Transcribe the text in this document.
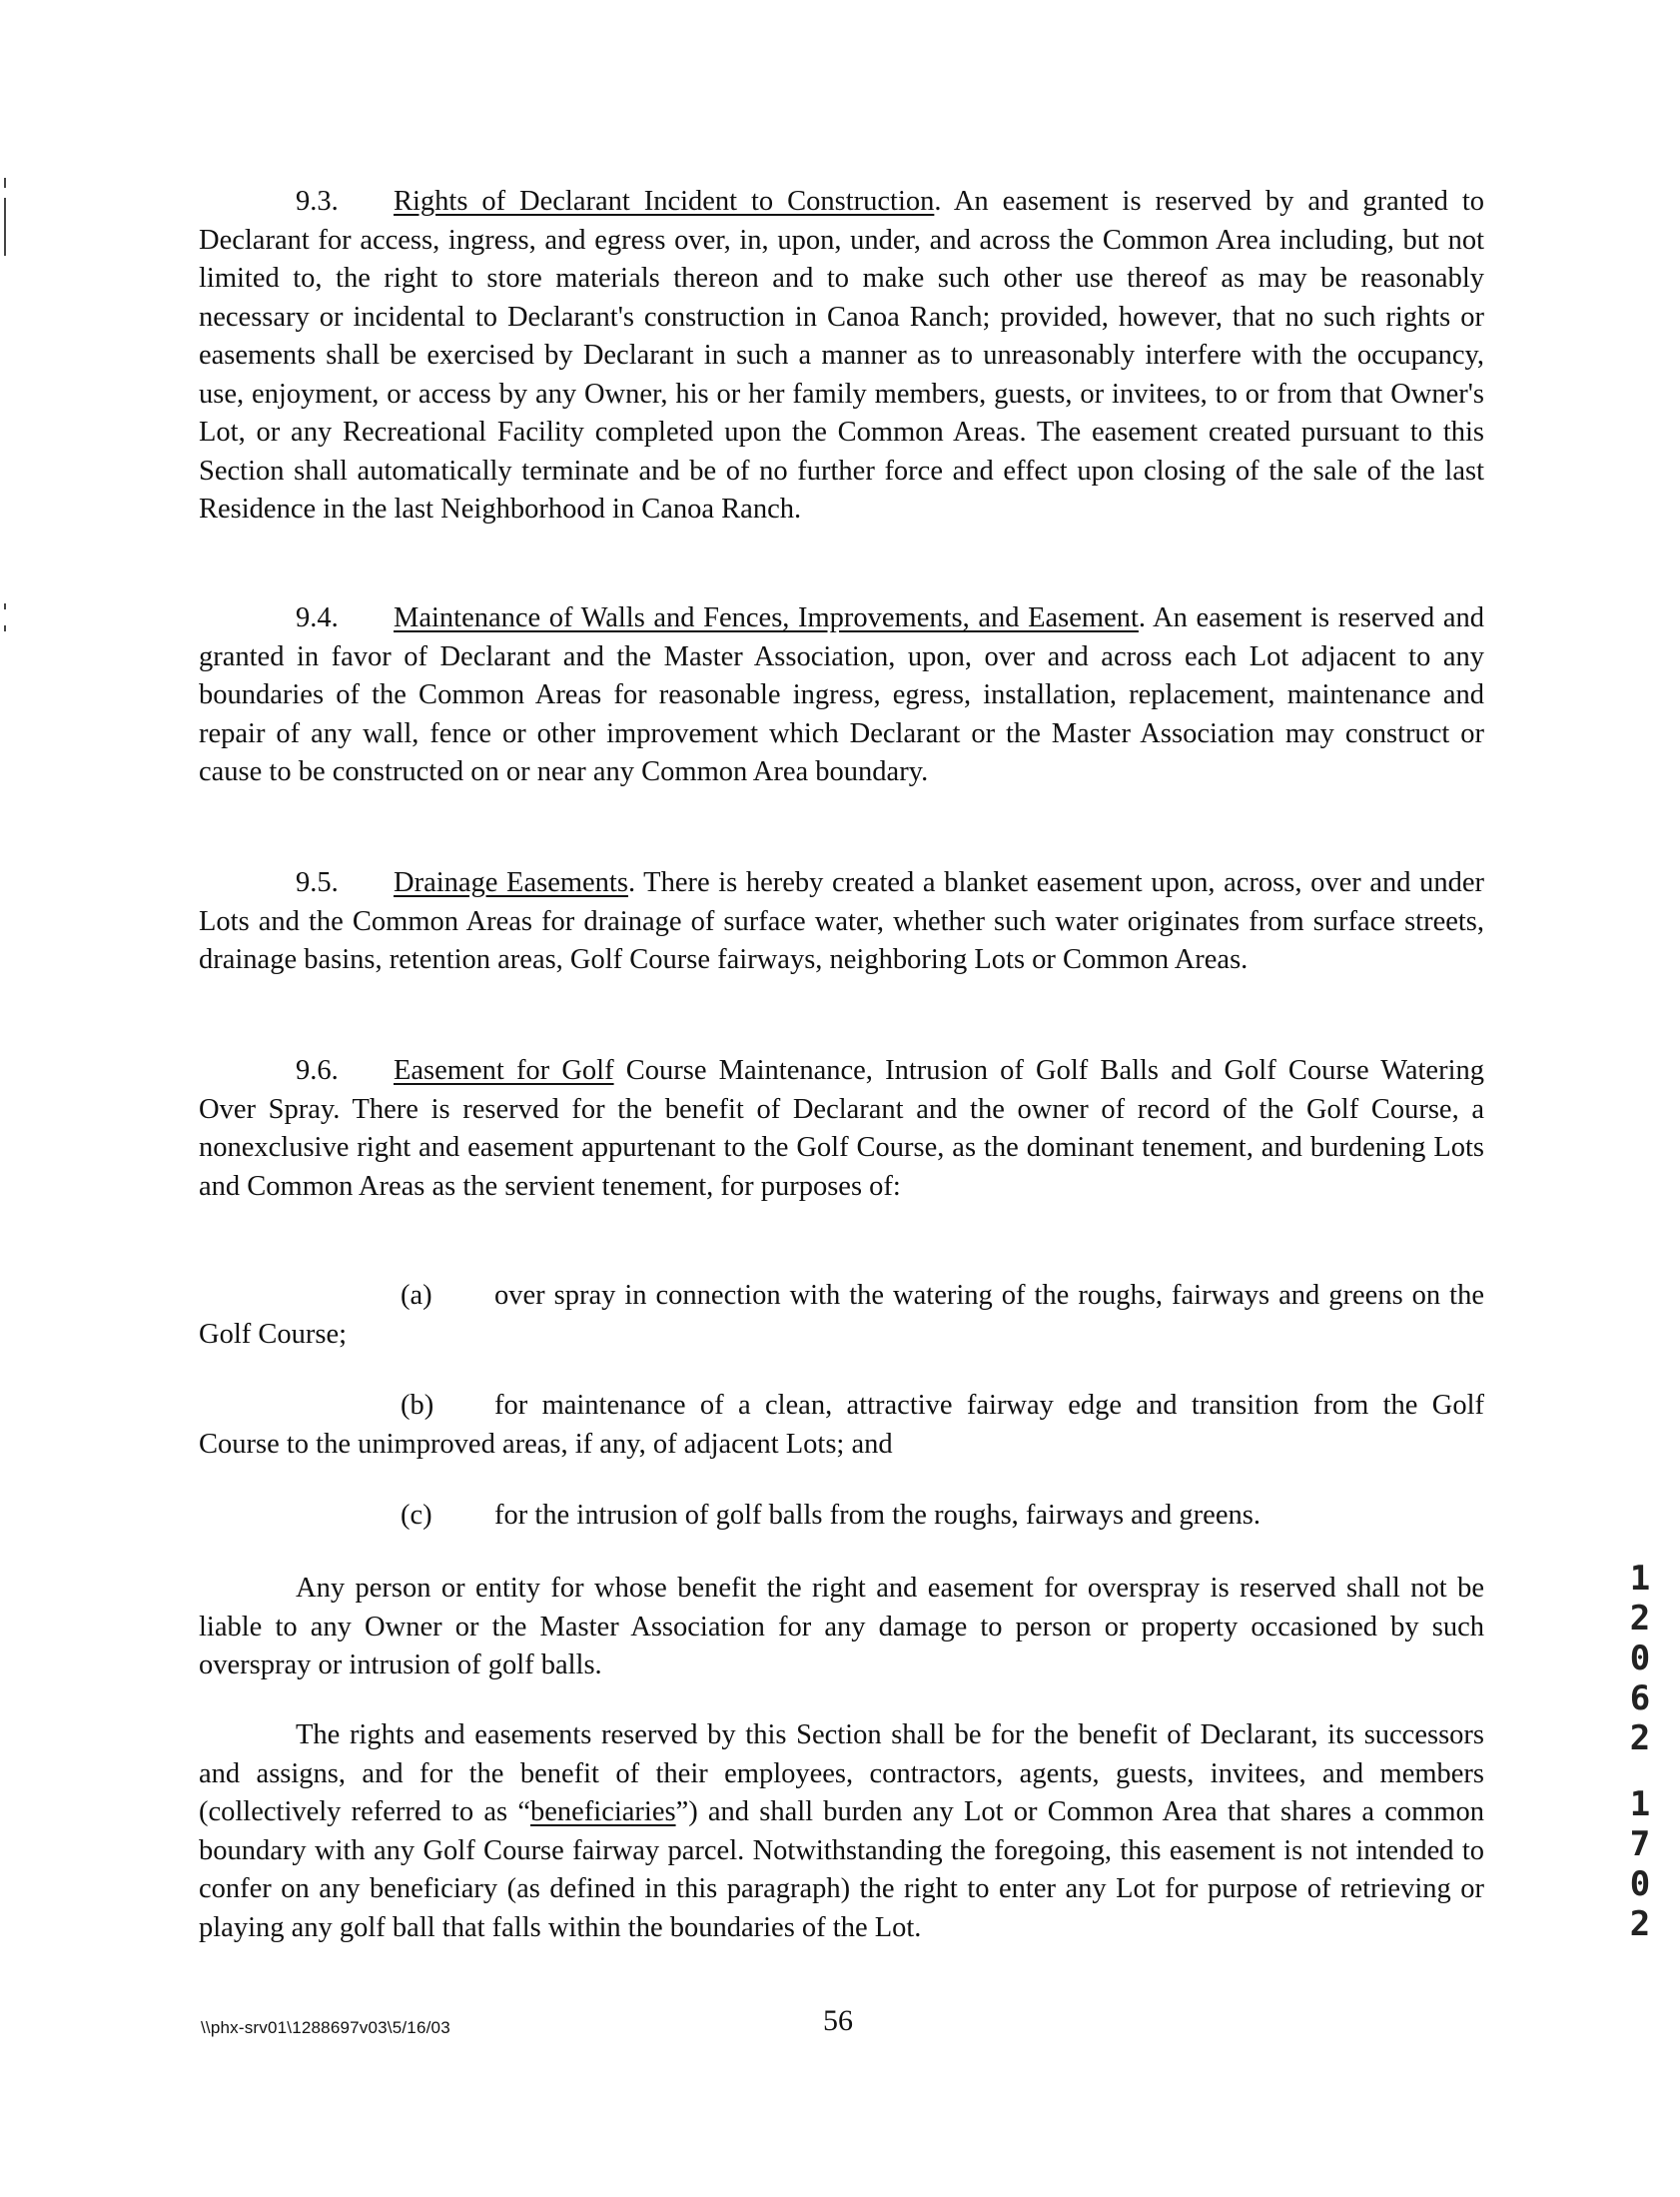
9.3. Rights of Declarant Incident to Construction. An easement is reserved by and granted to Declarant for access, ingress, and egress over, in, upon, under, and across the Common Area including, but not limited to, the right to store materials thereon and to make such other use thereof as may be reasonably necessary or incidental to Declarant's construction in Canoa Ranch; provided, however, that no such rights or easements shall be exercised by Declarant in such a manner as to unreasonably interfere with the occupancy, use, enjoyment, or access by any Owner, his or her family members, guests, or invitees, to or from that Owner's Lot, or any Recreational Facility completed upon the Common Areas. The easement created pursuant to this Section shall automatically terminate and be of no further force and effect upon closing of the sale of the last Residence in the last Neighborhood in Canoa Ranch.

9.4. Maintenance of Walls and Fences, Improvements, and Easement. An easement is reserved and granted in favor of Declarant and the Master Association, upon, over and across each Lot adjacent to any boundaries of the Common Areas for reasonable ingress, egress, installation, replacement, maintenance and repair of any wall, fence or other improvement which Declarant or the Master Association may construct or cause to be constructed on or near any Common Area boundary.

9.5. Drainage Easements. There is hereby created a blanket easement upon, across, over and under Lots and the Common Areas for drainage of surface water, whether such water originates from surface streets, drainage basins, retention areas, Golf Course fairways, neighboring Lots or Common Areas.

9.6. Easement for Golf Course Maintenance, Intrusion of Golf Balls and Golf Course Watering Over Spray. There is reserved for the benefit of Declarant and the owner of record of the Golf Course, a nonexclusive right and easement appurtenant to the Golf Course, as the dominant tenement, and burdening Lots and Common Areas as the servient tenement, for purposes of:

(a) over spray in connection with the watering of the roughs, fairways and greens on the Golf Course;

(b) for maintenance of a clean, attractive fairway edge and transition from the Golf Course to the unimproved areas, if any, of adjacent Lots; and

(c) for the intrusion of golf balls from the roughs, fairways and greens.

Any person or entity for whose benefit the right and easement for overspray is reserved shall not be liable to any Owner or the Master Association for any damage to person or property occasioned by such overspray or intrusion of golf balls.

The rights and easements reserved by this Section shall be for the benefit of Declarant, its successors and assigns, and for the benefit of their employees, contractors, agents, guests, invitees, and members (collectively referred to as “beneficiaries”) and shall burden any Lot or Common Area that shares a common boundary with any Golf Course fairway parcel. Notwithstanding the foregoing, this easement is not intended to confer on any beneficiary (as defined in this paragraph) the right to enter any Lot for purpose of retrieving or playing any golf ball that falls within the boundaries of the Lot.

1
2
0
6
2
1
7
0
2
\\phx-srv01\1288697v03\5/16/03	56
